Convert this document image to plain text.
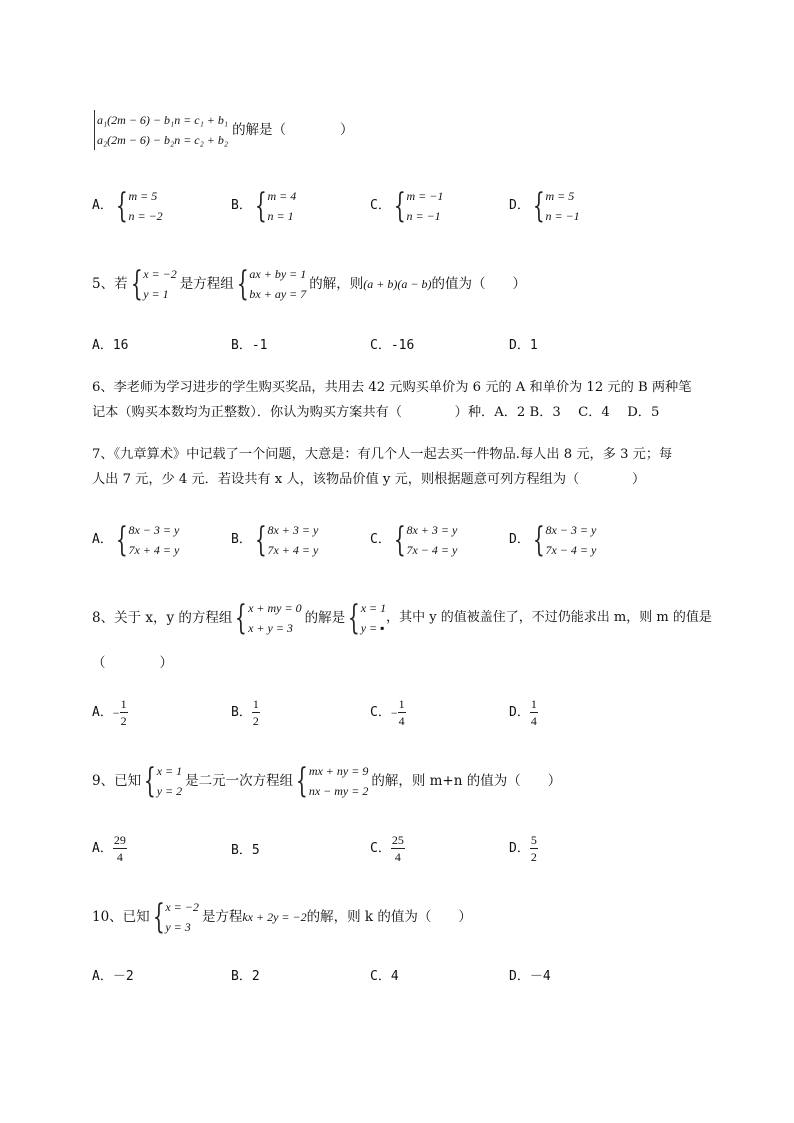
a₁(2m − 6) − b₁n = c₁ + b₁
a₂(2m − 6) − b₂n = c₂ + b₂
的解是（　　　　）
A． { m = 5
n = −2
B． { m = 4
n = 1
C． { m = −1
n = −1
D． { m = 5
n = −1
5、若 { x = −2
y = 1
是方程组 { ax + by = 1
bx + ay = 7
的解，则 (a + b)(a − b) 的值为（　　）
A．16	B．-1	C．-16	D．1
6、李老师为学习进步的学生购买奖品，共用去 42 元购买单价为 6 元的 A 和单价为 12 元的 B 两种笔
记本（购买本数均为正整数）．你认为购买方案共有（　　　　）种．A．2 B．3　 C．4　 D．5
7、《九章算术》中记载了一个问题，大意是：有几个人一起去买一件物品.每人出 8 元，多 3 元；每
人出 7 元，少 4 元．若设共有 x 人，该物品价值 y 元，则根据题意可列方程组为（　　　　）
A． { 8x − 3 = y
7x + 4 = y
B． { 8x + 3 = y
7x + 4 = y
C． { 8x + 3 = y
7x − 4 = y
D． { 8x − 3 = y
7x − 4 = y
8、关于 x，y 的方程组 { x + my = 0
x + y = 3
的解是 { x = 1
y = ▪
，其中 y 的值被盖住了，不过仍能求出 m，则 m 的值是
（　　　　）
A． − $\frac{1}{2}$	B． $\frac{1}{2}$	C． − $\frac{1}{4}$	D． $\frac{1}{4}$
9、已知 { x = 1
y = 2
是二元一次方程组 { mx + ny = 9
nx − my = 2
的解，则 m+n 的值为（　　）
A． $\frac{29}{4}$	B．5	C． $\frac{25}{4}$	D． $\frac{5}{2}$
10、已知 { x = −2
y = 3
是方程 kx + 2y = −2 的解，则 k 的值为（　　）
A．－2	B．2	C．4	D．－4
